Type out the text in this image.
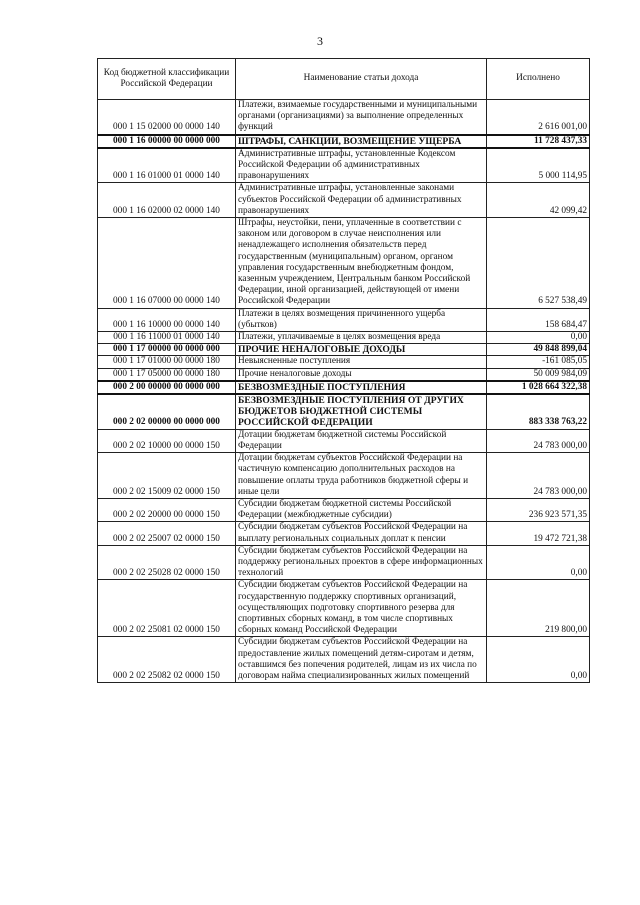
3
Код бюджетной классификации Российской Федерации	Наименование статьи дохода	Исполнено
000 1 15 02000 00 0000 140	Платежи, взимаемые государственными и муниципальными органами (организациями) за выполнение определенных функций	2 616 001,00
000 1 16 00000 00 0000 000	ШТРАФЫ, САНКЦИИ, ВОЗМЕЩЕНИЕ УЩЕРБА	11 728 437,33
000 1 16 01000 01 0000 140	Административные штрафы, установленные Кодексом Российской Федерации об административных правонарушениях	5 000 114,95
000 1 16 02000 02 0000 140	Административные штрафы, установленные законами субъектов Российской Федерации об административных правонарушениях	42 099,42
000 1 16 07000 00 0000 140	Штрафы, неустойки, пени, уплаченные в соответствии с законом или договором в случае неисполнения или ненадлежащего исполнения обязательств перед государственным (муниципальным) органом, органом управления государственным внебюджетным фондом, казенным учреждением, Центральным банком Российской Федерации, иной организацией, действующей от имени Российской Федерации	6 527 538,49
000 1 16 10000 00 0000 140	Платежи в целях возмещения причиненного ущерба (убытков)	158 684,47
000 1 16 11000 01 0000 140	Платежи, уплачиваемые в целях возмещения вреда	0,00
000 1 17 00000 00 0000 000	ПРОЧИЕ НЕНАЛОГОВЫЕ ДОХОДЫ	49 848 899,04
000 1 17 01000 00 0000 180	Невыясненные поступления	-161 085,05
000 1 17 05000 00 0000 180	Прочие неналоговые доходы	50 009 984,09
000 2 00 00000 00 0000 000	БЕЗВОЗМЕЗДНЫЕ ПОСТУПЛЕНИЯ	1 028 664 322,38
000 2 02 00000 00 0000 000	БЕЗВОЗМЕЗДНЫЕ ПОСТУПЛЕНИЯ ОТ ДРУГИХ БЮДЖЕТОВ БЮДЖЕТНОЙ СИСТЕМЫ РОССИЙСКОЙ ФЕДЕРАЦИИ	883 338 763,22
000 2 02 10000 00 0000 150	Дотации бюджетам бюджетной системы Российской Федерации	24 783 000,00
000 2 02 15009 02 0000 150	Дотации бюджетам субъектов Российской Федерации на частичную компенсацию дополнительных расходов на повышение оплаты труда работников бюджетной сферы и иные цели	24 783 000,00
000 2 02 20000 00 0000 150	Субсидии бюджетам бюджетной системы Российской Федерации (межбюджетные субсидии)	236 923 571,35
000 2 02 25007 02 0000 150	Субсидии бюджетам субъектов Российской Федерации на выплату региональных социальных доплат к пенсии	19 472 721,38
000 2 02 25028 02 0000 150	Субсидии бюджетам субъектов Российской Федерации на поддержку региональных проектов в сфере информационных технологий	0,00
000 2 02 25081 02 0000 150	Субсидии бюджетам субъектов Российской Федерации на государственную поддержку спортивных организаций, осуществляющих подготовку спортивного резерва для спортивных сборных команд, в том числе спортивных сборных команд Российской Федерации	219 800,00
000 2 02 25082 02 0000 150	Субсидии бюджетам субъектов Российской Федерации на предоставление жилых помещений детям-сиротам и детям, оставшимся без попечения родителей, лицам из их числа по договорам найма специализированных жилых помещений	0,00
